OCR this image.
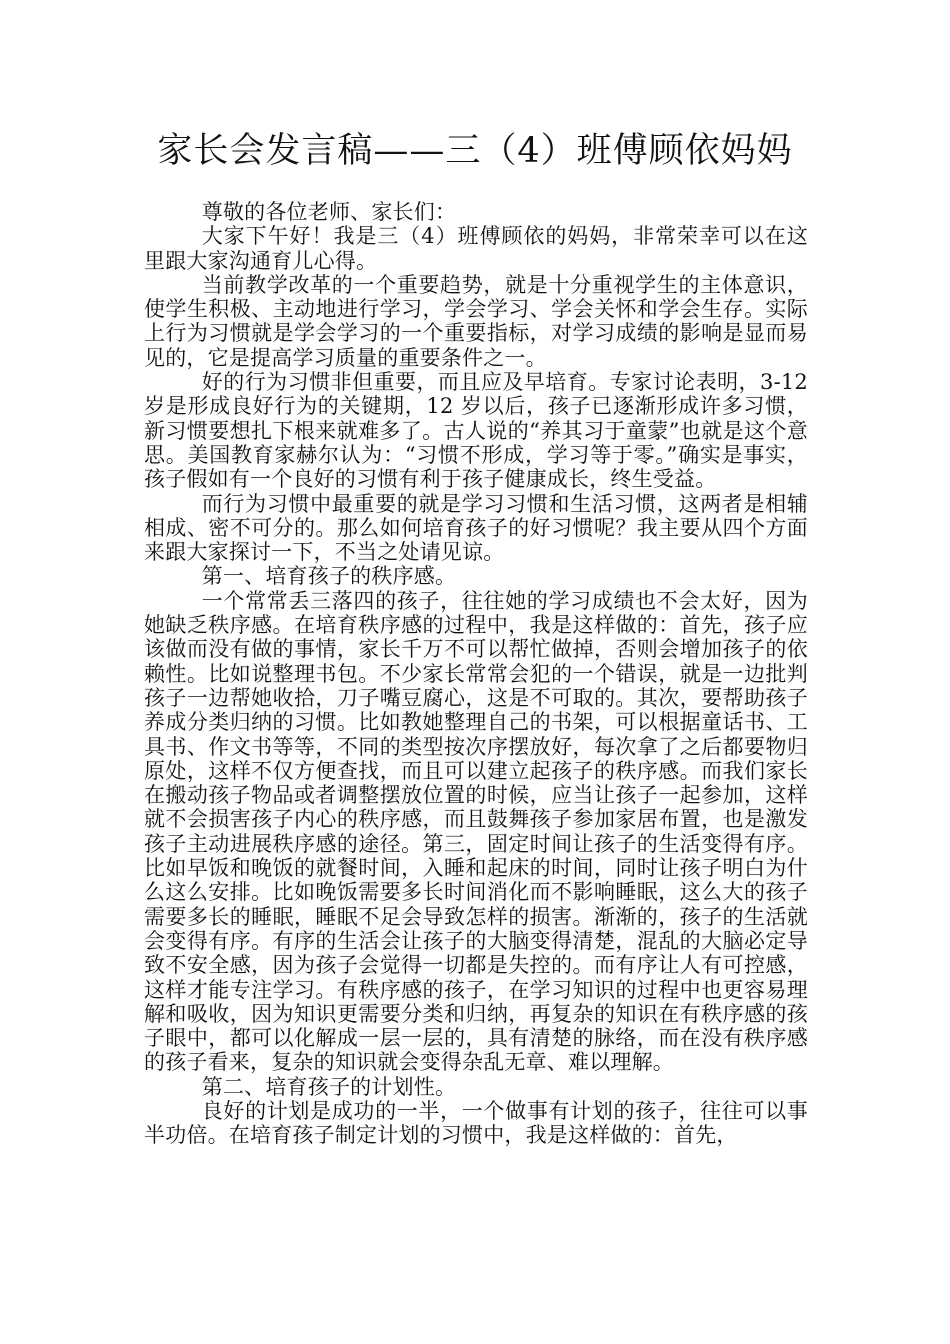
家长会发言稿——三（4）班傅顾依妈妈

尊敬的各位老师、家长们：

大家下午好！我是三（4）班傅顾依的妈妈，非常荣幸可以在这里跟大家沟通育儿心得。

当前教学改革的一个重要趋势，就是十分重视学生的主体意识，使学生积极、主动地进行学习，学会学习、学会关怀和学会生存。实际上行为习惯就是学会学习的一个重要指标，对学习成绩的影响是显而易见的，它是提高学习质量的重要条件之一。

好的行为习惯非但重要，而且应及早培育。专家讨论表明，3-12 岁是形成良好行为的关键期，12 岁以后，孩子已逐渐形成许多习惯，新习惯要想扎下根来就难多了。古人说的“养其习于童蒙”也就是这个意思。美国教育家赫尔认为：“习惯不形成，学习等于零。”确实是事实，孩子假如有一个良好的习惯有利于孩子健康成长，终生受益。

而行为习惯中最重要的就是学习习惯和生活习惯，这两者是相辅相成、密不可分的。那么如何培育孩子的好习惯呢？我主要从四个方面来跟大家探讨一下，不当之处请见谅。

第一、培育孩子的秩序感。

一个常常丢三落四的孩子，往往她的学习成绩也不会太好，因为她缺乏秩序感。在培育秩序感的过程中，我是这样做的：首先，孩子应该做而没有做的事情，家长千万不可以帮忙做掉，否则会增加孩子的依赖性。比如说整理书包。不少家长常常会犯的一个错误，就是一边批判孩子一边帮她收拾，刀子嘴豆腐心，这是不可取的。其次，要帮助孩子养成分类归纳的习惯。比如教她整理自己的书架，可以根据童话书、工具书、作文书等等，不同的类型按次序摆放好，每次拿了之后都要物归原处，这样不仅方便查找，而且可以建立起孩子的秩序感。而我们家长在搬动孩子物品或者调整摆放位置的时候，应当让孩子一起参加，这样就不会损害孩子内心的秩序感，而且鼓舞孩子参加家居布置，也是激发孩子主动进展秩序感的途径。第三，固定时间让孩子的生活变得有序。比如早饭和晚饭的就餐时间，入睡和起床的时间，同时让孩子明白为什么这么安排。比如晚饭需要多长时间消化而不影响睡眠，这么大的孩子需要多长的睡眠，睡眠不足会导致怎样的损害。渐渐的，孩子的生活就会变得有序。有序的生活会让孩子的大脑变得清楚，混乱的大脑必定导致不安全感，因为孩子会觉得一切都是失控的。而有序让人有可控感，这样才能专注学习。有秩序感的孩子，在学习知识的过程中也更容易理解和吸收，因为知识更需要分类和归纳，再复杂的知识在有秩序感的孩子眼中，都可以化解成一层一层的，具有清楚的脉络，而在没有秩序感的孩子看来，复杂的知识就会变得杂乱无章、难以理解。

第二、培育孩子的计划性。

良好的计划是成功的一半，一个做事有计划的孩子，往往可以事半功倍。在培育孩子制定计划的习惯中，我是这样做的：首先，
